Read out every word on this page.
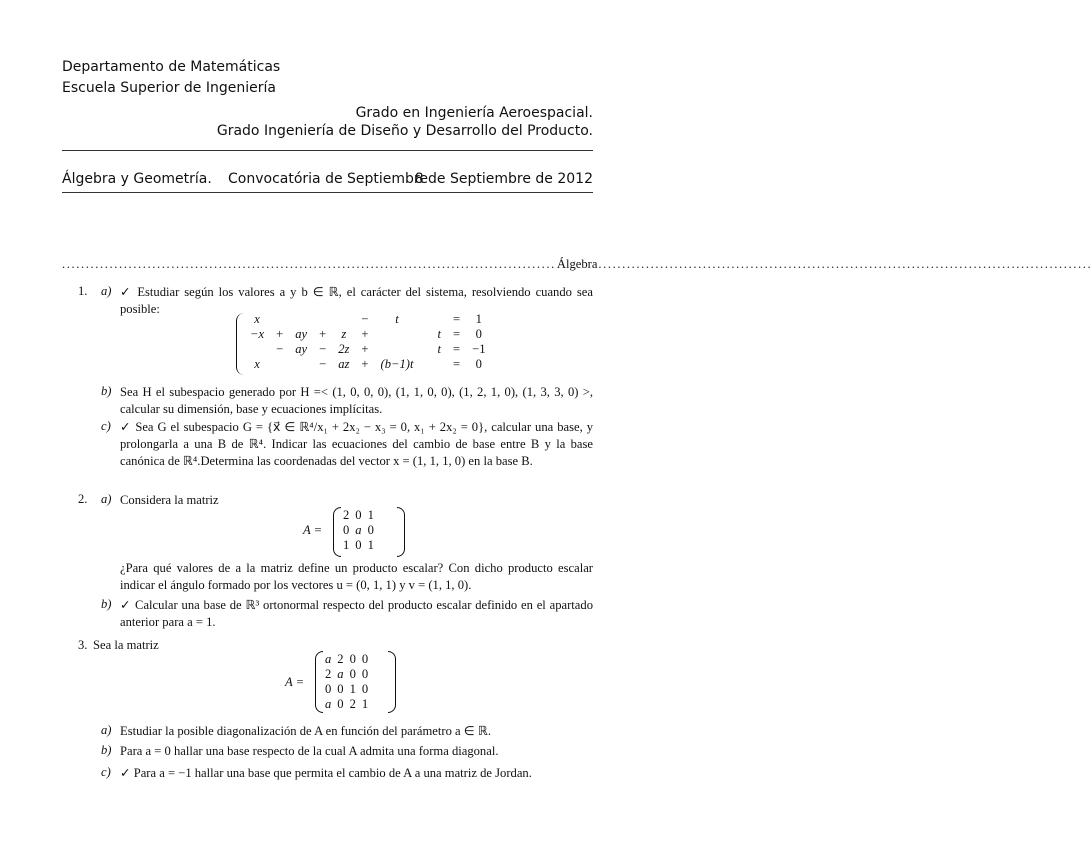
Departamento de Matemáticas
Escuela Superior de Ingeniería
Grado en Ingeniería Aeroespacial.
Grado Ingeniería de Diseño y Desarrollo del Producto.
Álgebra y Geometría. Convocatória de Septiembre
8 de Septiembre de 2012
........................................................................................................ Álgebra ........................................................................................................
1. a) ✓ Estudiar según los valores a y b ∈ ℝ, el carácter del sistema, resolviendo cuando sea posible:
x					−	t			=	1
−x	+	ay	+	z	+			t	=	0
	−	ay	−	2z	+			t	=	−1
x			−	az	+	(b−1)t			=	0
b) Sea H el subespacio generado por H =< (1, 0, 0, 0), (1, 1, 0, 0), (1, 2, 1, 0), (1, 3, 3, 0) >, calcular su dimensión, base y ecuaciones implícitas.
c) ✓ Sea G el subespacio G = {x⃗ ∈ ℝ⁴/x₁ + 2x₂ − x₃ = 0, x₁ + 2x₂ = 0}, calcular una base, y prolongarla a una B de ℝ⁴. Indicar las ecuaciones del cambio de base entre B y la base canónica de ℝ⁴.Determina las coordenadas del vector x = (1, 1, 1, 0) en la base B.
2. a) Considera la matriz
A =
2	0	1
0	a	0
1	0	1
¿Para qué valores de a la matriz define un producto escalar? Con dicho producto escalar indicar el ángulo formado por los vectores u = (0, 1, 1) y v = (1, 1, 0).
b) ✓ Calcular una base de ℝ³ ortonormal respecto del producto escalar definido en el apartado anterior para a = 1.
3. Sea la matriz
A =
a	2	0	0
2	a	0	0
0	0	1	0
a	0	2	1
a) Estudiar la posible diagonalización de A en función del parámetro a ∈ ℝ.
b) Para a = 0 hallar una base respecto de la cual A admita una forma diagonal.
c) ✓ Para a = −1 hallar una base que permita el cambio de A a una matriz de Jordan.
